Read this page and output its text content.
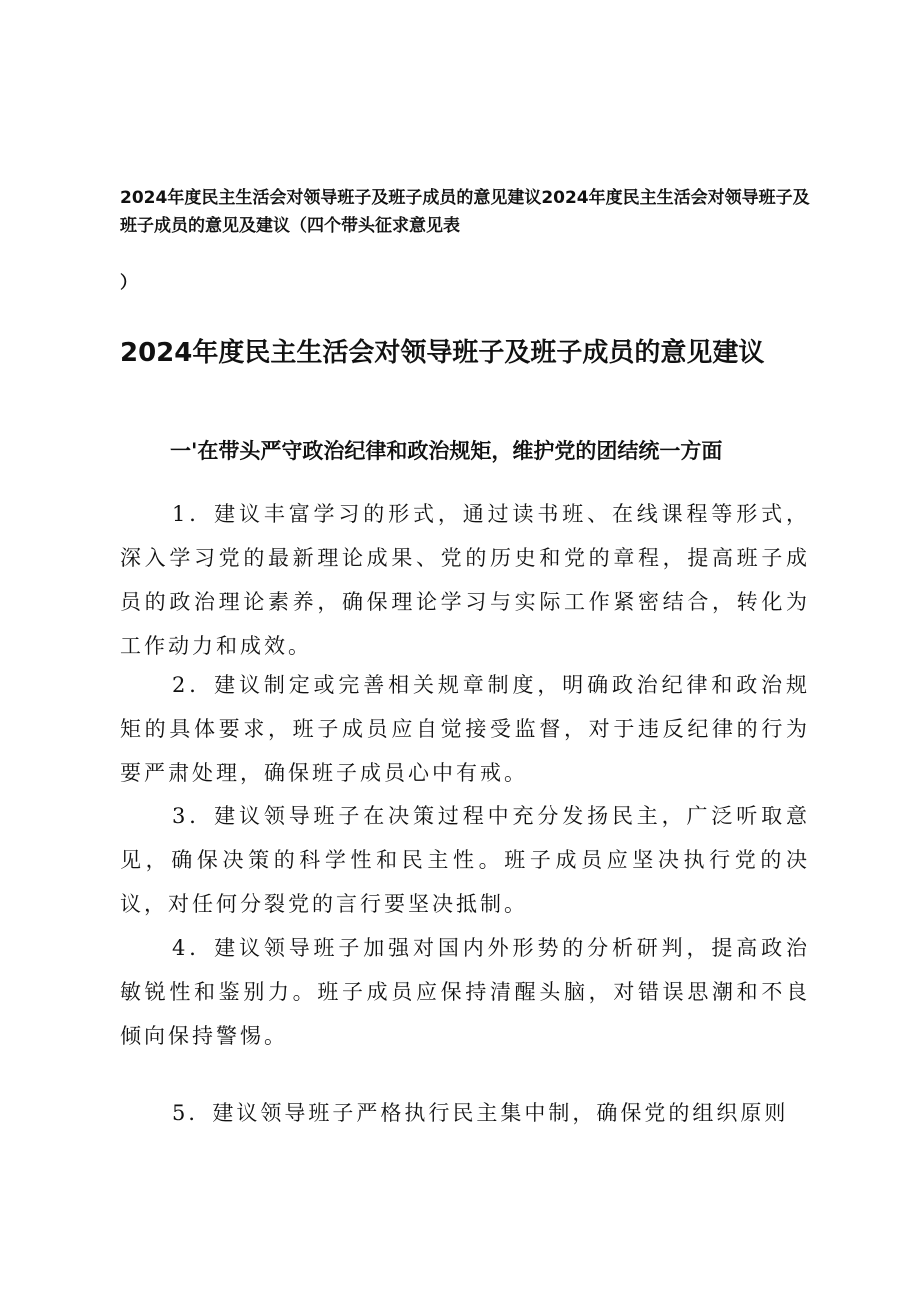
2024年度民主生活会对领导班子及班子成员的意见建议2024年度民主生活会对领导班子及班子成员的意见及建议（四个带头征求意见表
）
2024年度民主生活会对领导班子及班子成员的意见建议
一'在带头严守政治纪律和政治规矩，维护党的团结统一方面

1．建议丰富学习的形式，通过读书班、在线课程等形式，深入学习党的最新理论成果、党的历史和党的章程，提高班子成员的政治理论素养，确保理论学习与实际工作紧密结合，转化为工作动力和成效。

2．建议制定或完善相关规章制度，明确政治纪律和政治规矩的具体要求，班子成员应自觉接受监督，对于违反纪律的行为要严肃处理，确保班子成员心中有戒。

3．建议领导班子在决策过程中充分发扬民主，广泛听取意见，确保决策的科学性和民主性。班子成员应坚决执行党的决议，对任何分裂党的言行要坚决抵制。

4．建议领导班子加强对国内外形势的分析研判，提高政治敏锐性和鉴别力。班子成员应保持清醒头脑，对错误思潮和不良倾向保持警惕。

5．建议领导班子严格执行民主集中制，确保党的组织原则
